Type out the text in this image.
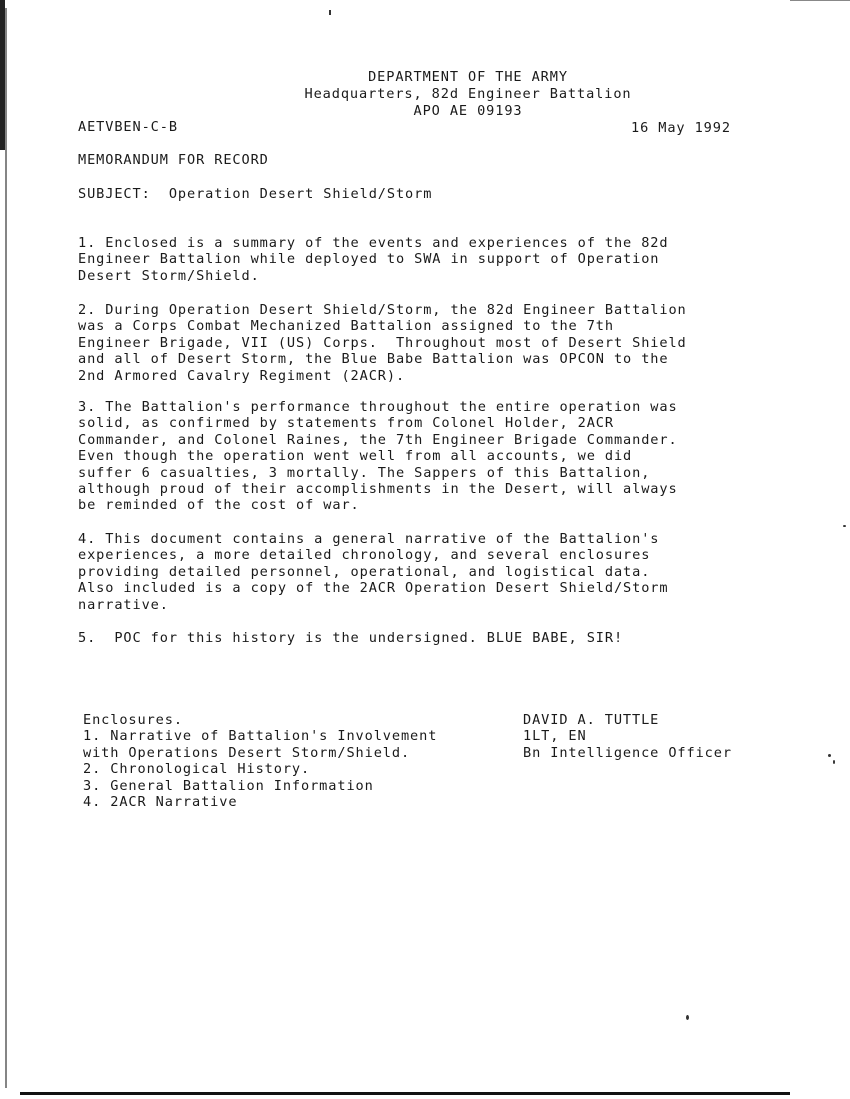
DEPARTMENT OF THE ARMY

Headquarters, 82d Engineer Battalion

APO AE 09193

AETVBEN-C-B	16 May 1992

MEMORANDUM FOR RECORD

SUBJECT:  Operation Desert Shield/Storm

1. Enclosed is a summary of the events and experiences of the 82d

Engineer Battalion while deployed to SWA in support of Operation

Desert Storm/Shield.

2. During Operation Desert Shield/Storm, the 82d Engineer Battalion

was a Corps Combat Mechanized Battalion assigned to the 7th

Engineer Brigade, VII (US) Corps.  Throughout most of Desert Shield

and all of Desert Storm, the Blue Babe Battalion was OPCON to the

2nd Armored Cavalry Regiment (2ACR).

3. The Battalion's performance throughout the entire operation was

solid, as confirmed by statements from Colonel Holder, 2ACR

Commander, and Colonel Raines, the 7th Engineer Brigade Commander.

Even though the operation went well from all accounts, we did

suffer 6 casualties, 3 mortally. The Sappers of this Battalion,

although proud of their accomplishments in the Desert, will always

be reminded of the cost of war.

4. This document contains a general narrative of the Battalion's

experiences, a more detailed chronology, and several enclosures

providing detailed personnel, operational, and logistical data.

Also included is a copy of the 2ACR Operation Desert Shield/Storm

narrative.

5.  POC for this history is the undersigned. BLUE BABE, SIR!

Enclosures.

1. Narrative of Battalion's Involvement

with Operations Desert Storm/Shield.

2. Chronological History.

3. General Battalion Information

4. 2ACR Narrative

DAVID A. TUTTLE

1LT, EN

Bn Intelligence Officer
